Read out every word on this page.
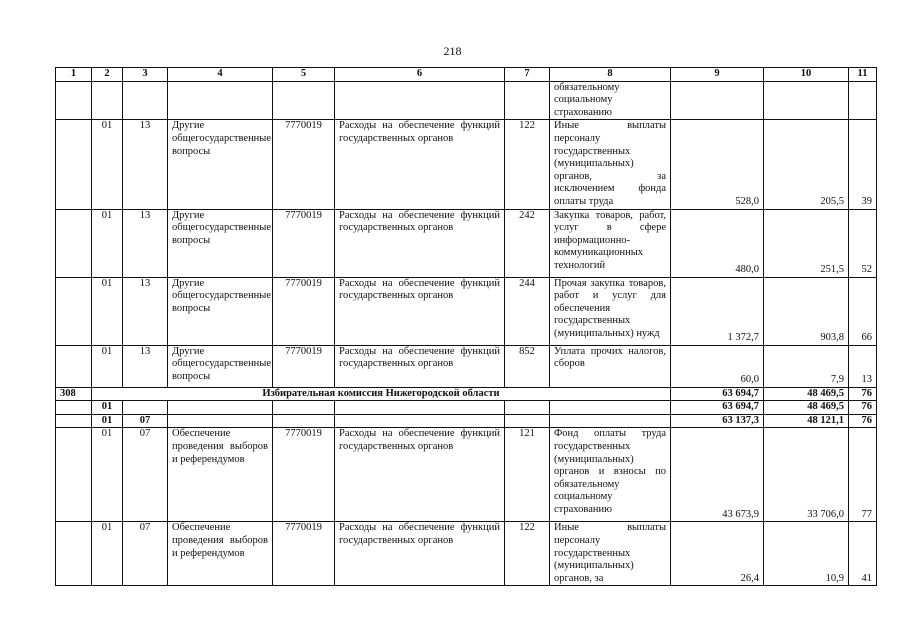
218
1	2	3	4	5	6	7	8	9	10	11
							обязательному социальному страхованию			
	01	13	Другие общегосударственные вопросы	7770019	Расходы на обеспечение функций государственных органов	122	Иные выплаты персоналу государственных (муниципальных) органов, за исключением фонда оплаты труда	528,0	205,5	39
	01	13	Другие общегосударственные вопросы	7770019	Расходы на обеспечение функций государственных органов	242	Закупка товаров, работ, услуг в сфере информационно-коммуникационных технологий	480,0	251,5	52
	01	13	Другие общегосударственные вопросы	7770019	Расходы на обеспечение функций государственных органов	244	Прочая закупка товаров, работ и услуг для обеспечения государственных (муниципальных) нужд	1 372,7	903,8	66
	01	13	Другие общегосударственные вопросы	7770019	Расходы на обеспечение функций государственных органов	852	Уплата прочих налогов, сборов	60,0	7,9	13
308	Избирательная комиссия Нижегородской области							63 694,7	48 469,5	76
	01							63 694,7	48 469,5	76
	01	07						63 137,3	48 121,1	76
	01	07	Обеспечение проведения выборов и референдумов	7770019	Расходы на обеспечение функций государственных органов	121	Фонд оплаты труда государственных (муниципальных) органов и взносы по обязательному социальному страхованию	43 673,9	33 706,0	77
	01	07	Обеспечение проведения выборов и референдумов	7770019	Расходы на обеспечение функций государственных органов	122	Иные выплаты персоналу государственных (муниципальных) органов, за	26,4	10,9	41
